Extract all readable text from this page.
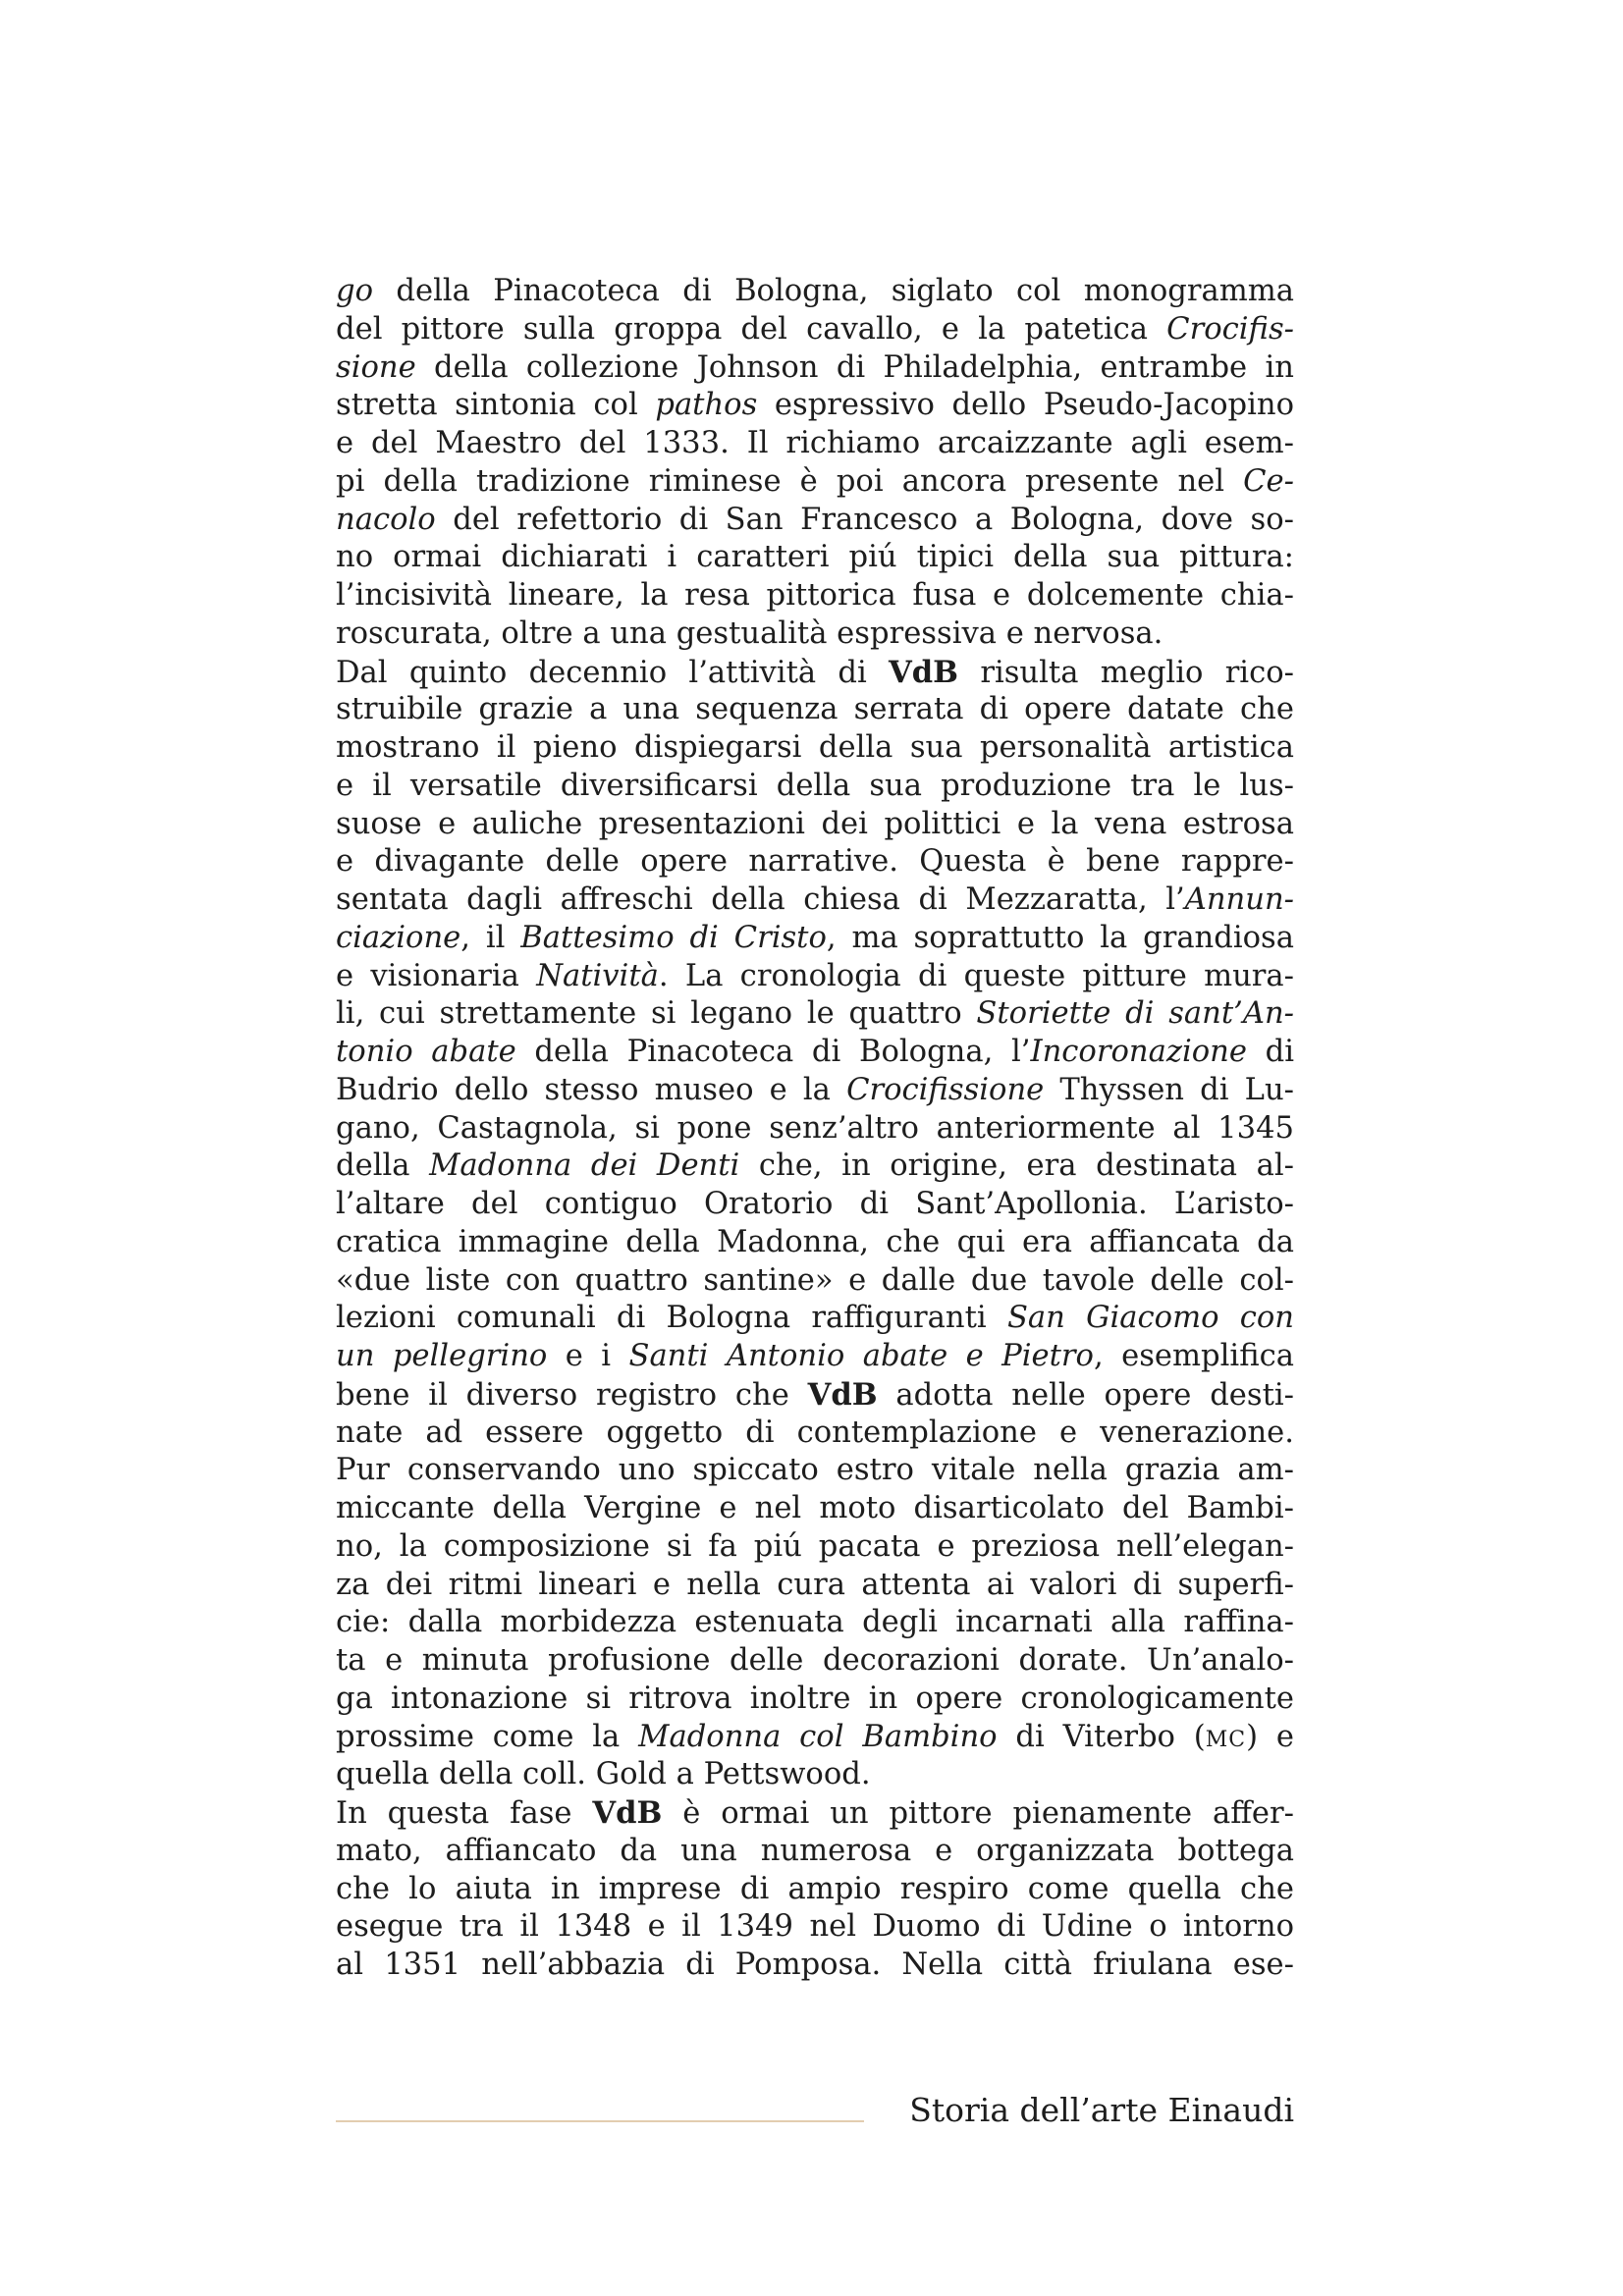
go della Pinacoteca di Bologna, siglato col monogramma
del pittore sulla groppa del cavallo, e la patetica Crocifis-
sione della collezione Johnson di Philadelphia, entrambe in
stretta sintonia col pathos espressivo dello Pseudo-Jacopino
e del Maestro del 1333. Il richiamo arcaizzante agli esem-
pi della tradizione riminese è poi ancora presente nel Ce-
nacolo del refettorio di San Francesco a Bologna, dove so-
no ormai dichiarati i caratteri piú tipici della sua pittura:
l’incisività lineare, la resa pittorica fusa e dolcemente chia-
roscurata, oltre a una gestualità espressiva e nervosa.
Dal quinto decennio l’attività di VdB risulta meglio rico-
struibile grazie a una sequenza serrata di opere datate che
mostrano il pieno dispiegarsi della sua personalità artistica
e il versatile diversificarsi della sua produzione tra le lus-
suose e auliche presentazioni dei polittici e la vena estrosa
e divagante delle opere narrative. Questa è bene rappre-
sentata dagli affreschi della chiesa di Mezzaratta, l’Annun-
ciazione, il Battesimo di Cristo, ma soprattutto la grandiosa
e visionaria Natività. La cronologia di queste pitture mura-
li, cui strettamente si legano le quattro Storiette di sant’An-
tonio abate della Pinacoteca di Bologna, l’Incoronazione di
Budrio dello stesso museo e la Crocifissione Thyssen di Lu-
gano, Castagnola, si pone senz’altro anteriormente al 1345
della Madonna dei Denti che, in origine, era destinata al-
l’altare del contiguo Oratorio di Sant’Apollonia. L’aristo-
cratica immagine della Madonna, che qui era affiancata da
«due liste con quattro santine» e dalle due tavole delle col-
lezioni comunali di Bologna raffiguranti San Giacomo con
un pellegrino e i Santi Antonio abate e Pietro, esemplifica
bene il diverso registro che VdB adotta nelle opere desti-
nate ad essere oggetto di contemplazione e venerazione.
Pur conservando uno spiccato estro vitale nella grazia am-
miccante della Vergine e nel moto disarticolato del Bambi-
no, la composizione si fa piú pacata e preziosa nell’elegan-
za dei ritmi lineari e nella cura attenta ai valori di superfi-
cie: dalla morbidezza estenuata degli incarnati alla raffina-
ta e minuta profusione delle decorazioni dorate. Un’analo-
ga intonazione si ritrova inoltre in opere cronologicamente
prossime come la Madonna col Bambino di Viterbo (MC) e
quella della coll. Gold a Pettswood.
In questa fase VdB è ormai un pittore pienamente affer-
mato, affiancato da una numerosa e organizzata bottega
che lo aiuta in imprese di ampio respiro come quella che
esegue tra il 1348 e il 1349 nel Duomo di Udine o intorno
al 1351 nell’abbazia di Pomposa. Nella città friulana ese-
Storia dell’arte Einaudi
